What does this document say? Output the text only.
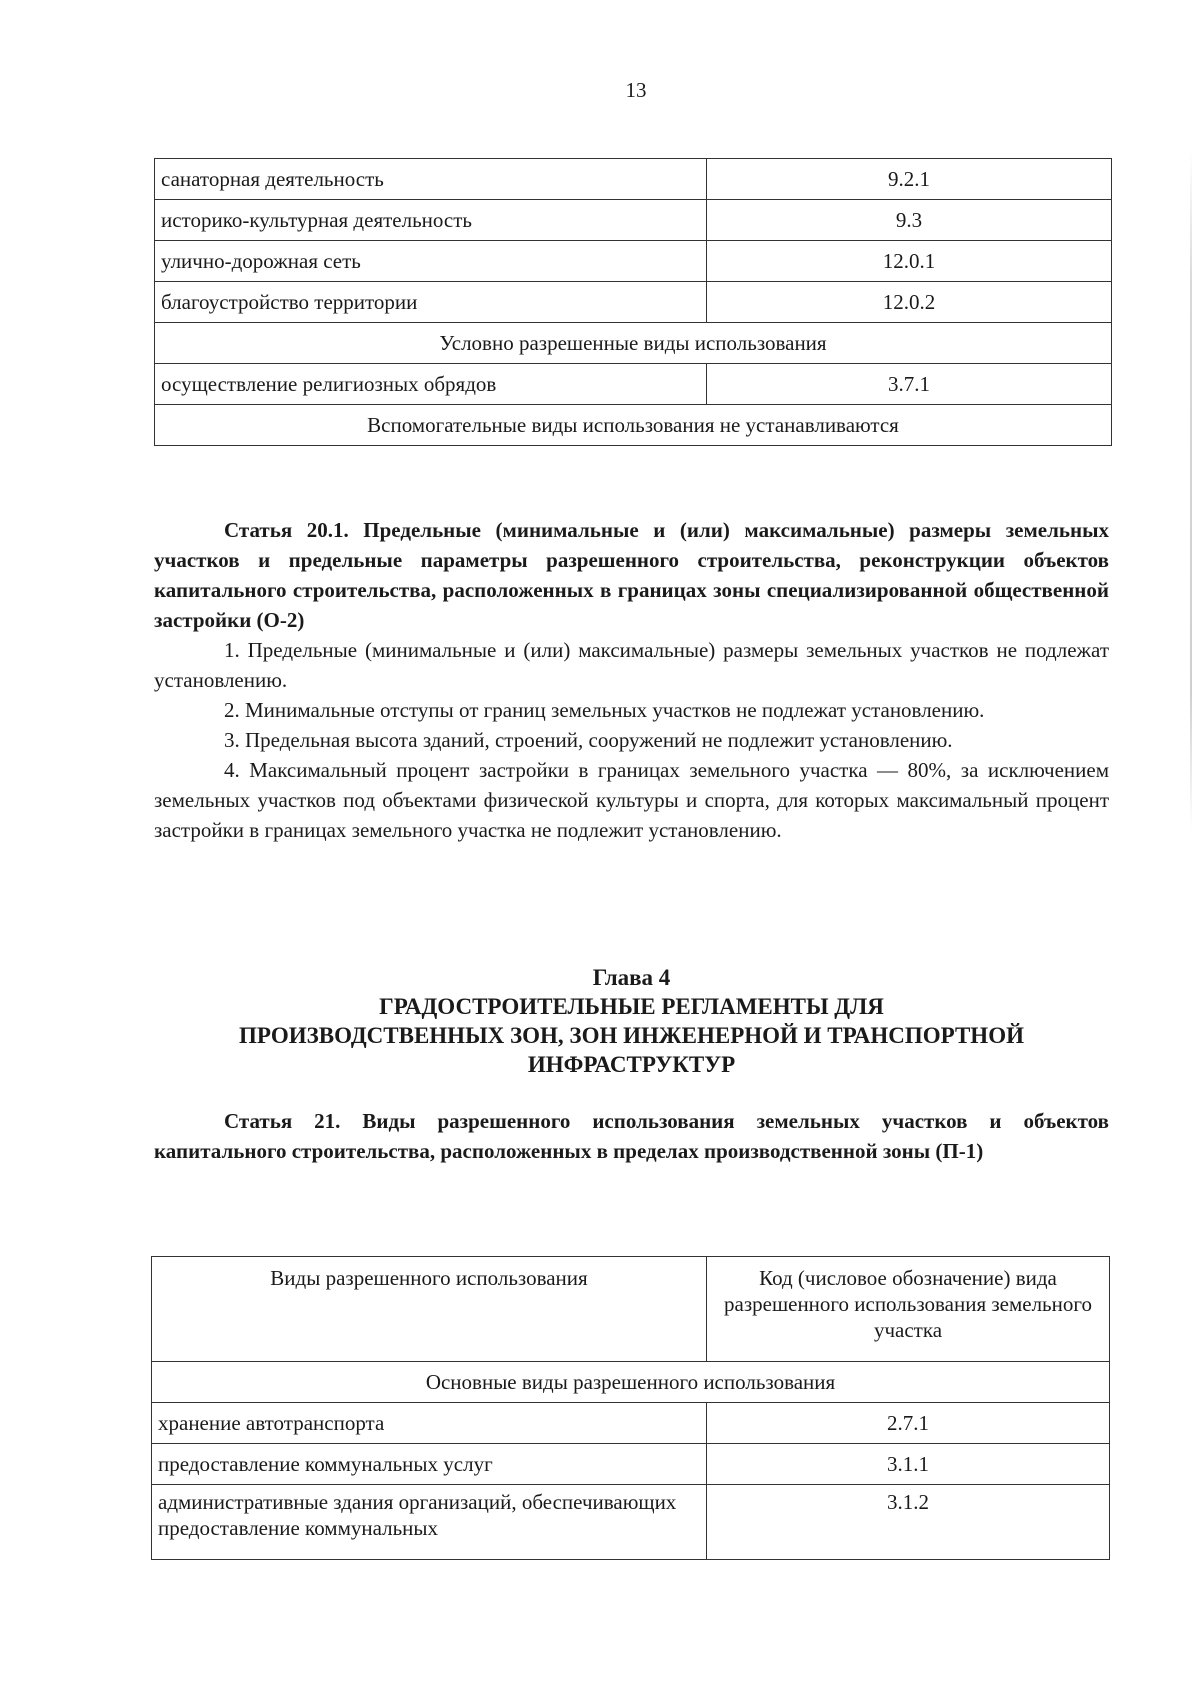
13
санаторная деятельность	9.2.1
историко-культурная деятельность	9.3
улично-дорожная сеть	12.0.1
благоустройство территории	12.0.2
Условно разрешенные виды использования	
осуществление религиозных обрядов	3.7.1
Вспомогательные виды использования не устанавливаются	

Статья 20.1. Предельные (минимальные и (или) максимальные) размеры земельных участков и предельные параметры разрешенного строительства, реконструкции объектов капитального строительства, расположенных в границах зоны специализированной общественной застройки (О-2)

1. Предельные (минимальные и (или) максимальные) размеры земельных участков не подлежат установлению.

2. Минимальные отступы от границ земельных участков не подлежат установлению.

3. Предельная высота зданий, строений, сооружений не подлежит установлению.

4. Максимальный процент застройки в границах земельного участка — 80%, за исключением земельных участков под объектами физической культуры и спорта, для которых максимальный процент застройки в границах земельного участка не подлежит установлению.

Глава 4
ГРАДОСТРОИТЕЛЬНЫЕ РЕГЛАМЕНТЫ ДЛЯ
ПРОИЗВОДСТВЕННЫХ ЗОН, ЗОН ИНЖЕНЕРНОЙ И ТРАНСПОРТНОЙ
ИНФРАСТРУКТУР

Статья 21. Виды разрешенного использования земельных участков и объектов капитального строительства, расположенных в пределах производственной зоны (П-1)

Виды разрешенного использования	Код (числовое обозначение) вида разрешенного использования земельного участка
Основные виды разрешенного использования	
хранение автотранспорта	2.7.1
предоставление коммунальных услуг	3.1.1
административные здания организаций, обеспечивающих предоставление коммунальных	3.1.2
